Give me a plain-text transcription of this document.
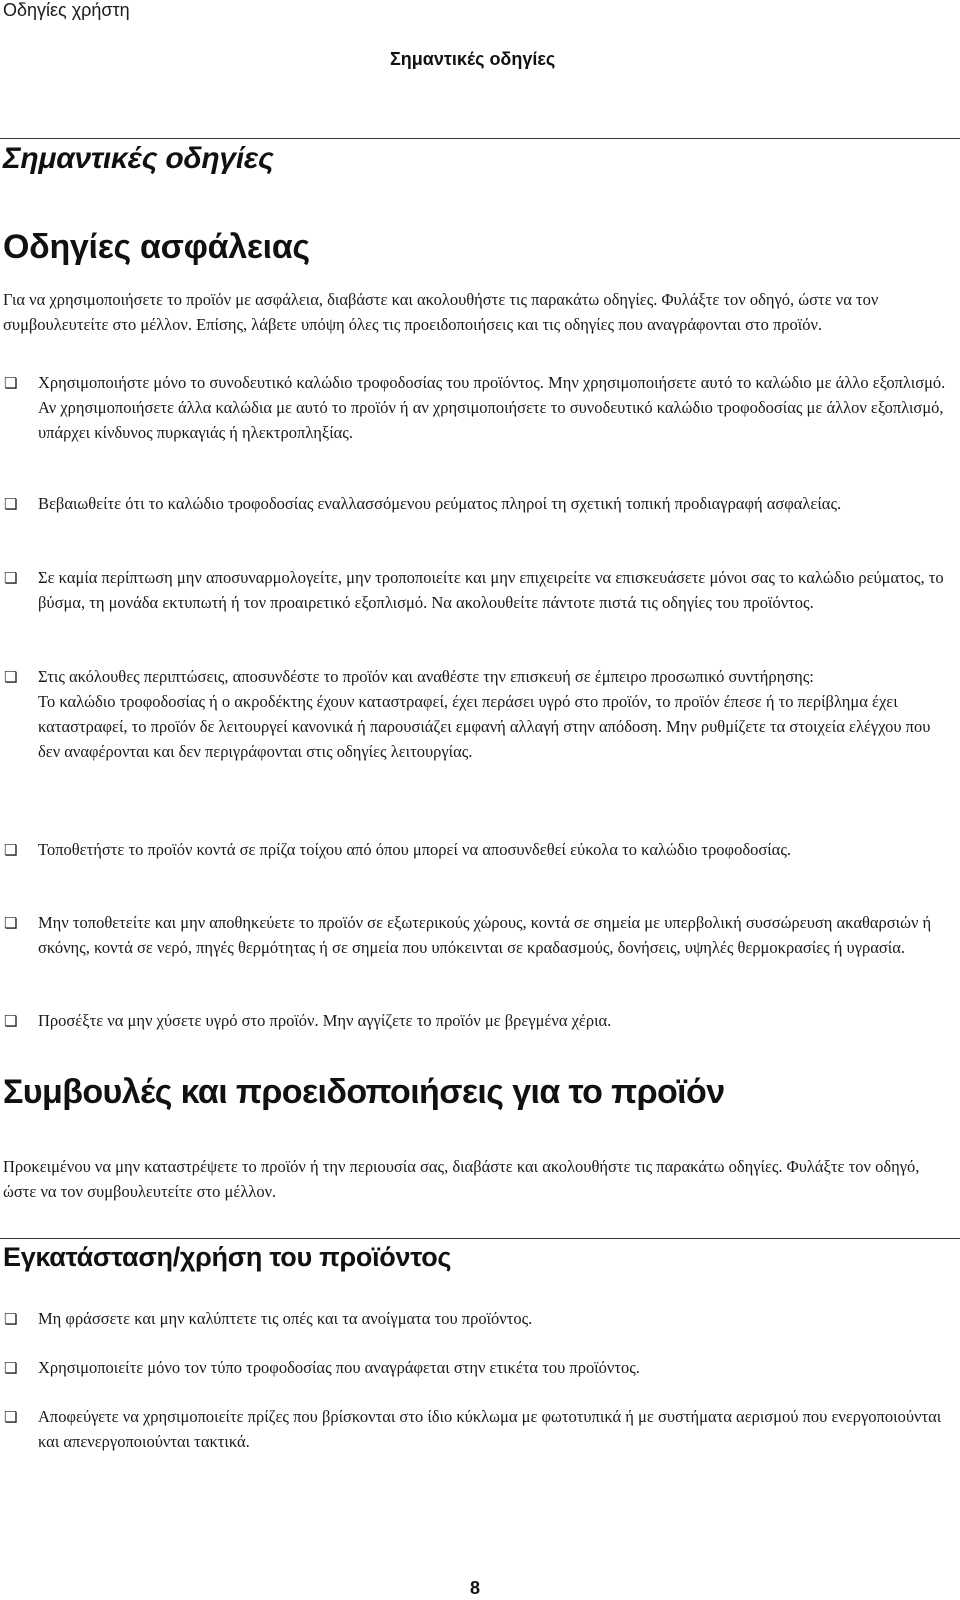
Οδηγίες χρήστη
Σημαντικές οδηγίες
Σημαντικές οδηγίες
Οδηγίες ασφάλειας

Για να χρησιμοποιήσετε το προϊόν με ασφάλεια, διαβάστε και ακολουθήστε τις παρακάτω οδηγίες. Φυλάξτε τον οδηγό, ώστε να τον συμβουλευτείτε στο μέλλον. Επίσης, λάβετε υπόψη όλες τις προειδοποιήσεις και τις οδηγίες που αναγράφονται στο προϊόν.

❏ Χρησιμοποιήστε μόνο το συνοδευτικό καλώδιο τροφοδοσίας του προϊόντος. Μην χρησιμοποιήσετε αυτό το καλώδιο με άλλο εξοπλισμό. Αν χρησιμοποιήσετε άλλα καλώδια με αυτό το προϊόν ή αν χρησιμοποιήσετε το συνοδευτικό καλώδιο τροφοδοσίας με άλλον εξοπλισμό, υπάρχει κίνδυνος πυρκαγιάς ή ηλεκτροπληξίας.
❏ Βεβαιωθείτε ότι το καλώδιο τροφοδοσίας εναλλασσόμενου ρεύματος πληροί τη σχετική τοπική προδιαγραφή ασφαλείας.
❏ Σε καμία περίπτωση μην αποσυναρμολογείτε, μην τροποποιείτε και μην επιχειρείτε να επισκευάσετε μόνοι σας το καλώδιο ρεύματος, το βύσμα, τη μονάδα εκτυπωτή ή τον προαιρετικό εξοπλισμό. Να ακολουθείτε πάντοτε πιστά τις οδηγίες του προϊόντος.
❏ Στις ακόλουθες περιπτώσεις, αποσυνδέστε το προϊόν και αναθέστε την επισκευή σε έμπειρο προσωπικό συντήρησης:
Το καλώδιο τροφοδοσίας ή ο ακροδέκτης έχουν καταστραφεί, έχει περάσει υγρό στο προϊόν, το προϊόν έπεσε ή το περίβλημα έχει καταστραφεί, το προϊόν δε λειτουργεί κανονικά ή παρουσιάζει εμφανή αλλαγή στην απόδοση. Μην ρυθμίζετε τα στοιχεία ελέγχου που δεν αναφέρονται και δεν περιγράφονται στις οδηγίες λειτουργίας.
❏ Τοποθετήστε το προϊόν κοντά σε πρίζα τοίχου από όπου μπορεί να αποσυνδεθεί εύκολα το καλώδιο τροφοδοσίας.
❏ Μην τοποθετείτε και μην αποθηκεύετε το προϊόν σε εξωτερικούς χώρους, κοντά σε σημεία με υπερβολική συσσώρευση ακαθαρσιών ή σκόνης, κοντά σε νερό, πηγές θερμότητας ή σε σημεία που υπόκεινται σε κραδασμούς, δονήσεις, υψηλές θερμοκρασίες ή υγρασία.
❏ Προσέξτε να μην χύσετε υγρό στο προϊόν. Μην αγγίζετε το προϊόν με βρεγμένα χέρια.
Συμβουλές και προειδοποιήσεις για το προϊόν

Προκειμένου να μην καταστρέψετε το προϊόν ή την περιουσία σας, διαβάστε και ακολουθήστε τις παρακάτω οδηγίες. Φυλάξτε τον οδηγό, ώστε να τον συμβουλευτείτε στο μέλλον.

Εγκατάσταση/χρήση του προϊόντος
❏ Μη φράσσετε και μην καλύπτετε τις οπές και τα ανοίγματα του προϊόντος.
❏ Χρησιμοποιείτε μόνο τον τύπο τροφοδοσίας που αναγράφεται στην ετικέτα του προϊόντος.
❏ Αποφεύγετε να χρησιμοποιείτε πρίζες που βρίσκονται στο ίδιο κύκλωμα με φωτοτυπικά ή με συστήματα αερισμού που ενεργοποιούνται και απενεργοποιούνται τακτικά.
8
